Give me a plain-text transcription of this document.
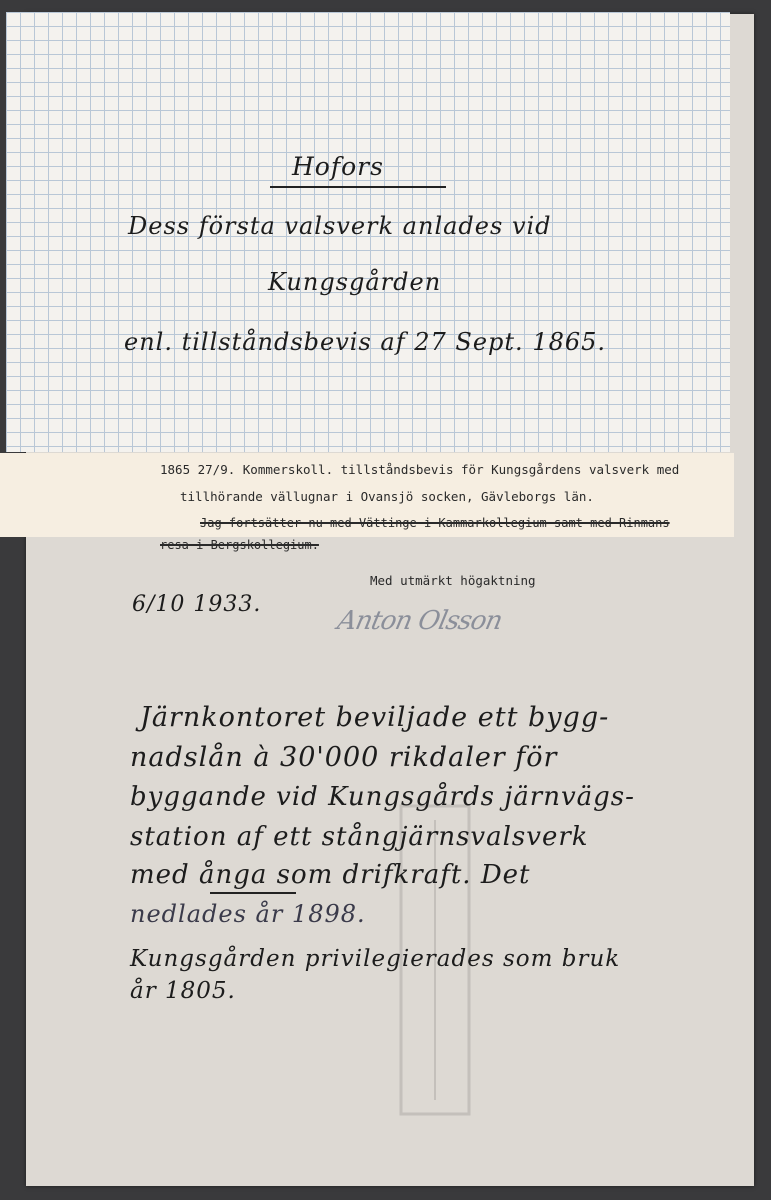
Hofors

Dess första valsverk anlades vid

Kungsgården

enl. tillståndsbevis af 27 Sept. 1865.

1865 27/9. Kommerskoll. tillståndsbevis för Kungsgårdens valsverk med

tillhörande vällugnar i Ovansjö socken, Gävleborgs län.

Jag fortsätter nu med Vättinge i Kammarkollegium samt med Rinmans

resa i Bergskollegium.

Med utmärkt högaktning

6/10 1933.

Anton Olsson

Järnkontoret beviljade ett bygg-

nadslån à 30'000 rikdaler för

byggande vid Kungsgårds järnvägs-

station af ett stångjärnsvalsverk

med ånga som drifkraft. Det

nedlades år 1898.

Kungsgården privilegierades som bruk

år 1805.
